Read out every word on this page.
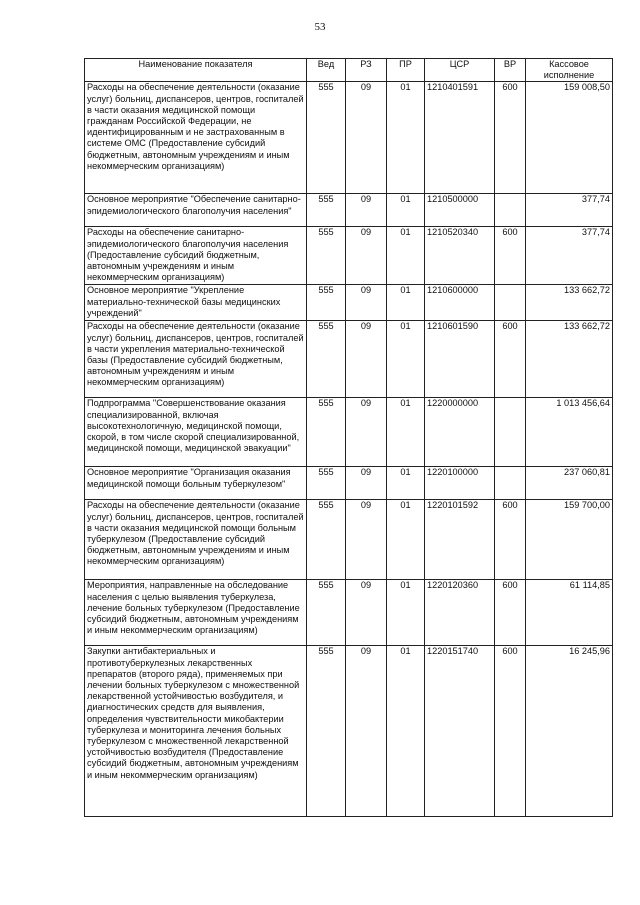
53
Наименование показателя	Вед	РЗ	ПР	ЦСР	ВР	Кассовое исполнение
Расходы на обеспечение деятельности (оказание услуг) больниц, диспансеров, центров, госпиталей в части оказания медицинской помощи гражданам Российской Федерации, не идентифицированным и не застрахованным в системе ОМС (Предоставление субсидий бюджетным, автономным учреждениям и иным некоммерческим организациям)	555	09	01	1210401591	600	159 008,50
Основное мероприятие "Обеспечение санитарно-эпидемиологического благополучия населения"	555	09	01	1210500000		377,74
Расходы на обеспечение санитарно-эпидемиологического благополучия населения (Предоставление субсидий бюджетным, автономным учреждениям и иным некоммерческим организациям)	555	09	01	1210520340	600	377,74
Основное мероприятие "Укрепление материально-технической базы медицинских учреждений"	555	09	01	1210600000		133 662,72
Расходы на обеспечение деятельности (оказание услуг) больниц, диспансеров, центров, госпиталей в части укрепления материально-технической базы (Предоставление субсидий бюджетным, автономным учреждениям и иным некоммерческим организациям)	555	09	01	1210601590	600	133 662,72
Подпрограмма "Совершенствование оказания специализированной, включая высокотехнологичную, медицинской помощи, скорой, в том числе скорой специализированной, медицинской помощи, медицинской эвакуации"	555	09	01	1220000000		1 013 456,64
Основное мероприятие "Организация оказания медицинской помощи больным туберкулезом"	555	09	01	1220100000		237 060,81
Расходы на обеспечение деятельности (оказание услуг) больниц, диспансеров, центров, госпиталей в части оказания медицинской помощи больным туберкулезом (Предоставление субсидий бюджетным, автономным учреждениям и иным некоммерческим организациям)	555	09	01	1220101592	600	159 700,00
Мероприятия, направленные на обследование населения с целью выявления туберкулеза, лечение больных туберкулезом (Предоставление субсидий бюджетным, автономным учреждениям и иным некоммерческим организациям)	555	09	01	1220120360	600	61 114,85
Закупки антибактериальных и противотуберкулезных лекарственных препаратов (второго ряда), применяемых при лечении больных туберкулезом с множественной лекарственной устойчивостью возбудителя, и диагностических средств для выявления, определения чувствительности микобактерии туберкулеза и мониторинга лечения больных туберкулезом с множественной лекарственной устойчивостью возбудителя (Предоставление субсидий бюджетным, автономным учреждениям и иным некоммерческим организациям)	555	09	01	1220151740	600	16 245,96
